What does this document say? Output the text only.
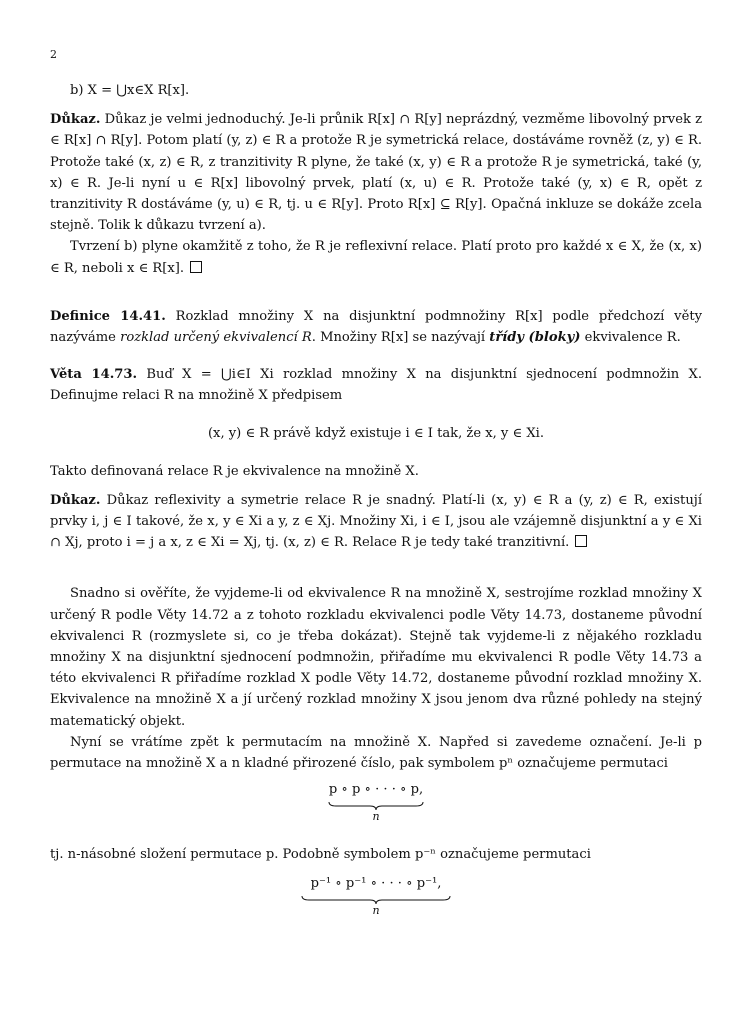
2

b) X = ⋃x∈X R[x].

Důkaz. Důkaz je velmi jednoduchý. Je-li průnik R[x] ∩ R[y] neprázdný, vezměme libovolný prvek z ∈ R[x] ∩ R[y]. Potom platí (y, z) ∈ R a protože R je symetrická relace, dostáváme rovněž (z, y) ∈ R. Protože také (x, z) ∈ R, z tranzitivity R plyne, že také (x, y) ∈ R a protože R je symetrická, také (y, x) ∈ R. Je-li nyní u ∈ R[x] libovolný prvek, platí (x, u) ∈ R. Protože také (y, x) ∈ R, opět z tranzitivity R dostáváme (y, u) ∈ R, tj. u ∈ R[y]. Proto R[x] ⊆ R[y]. Opačná inkluze se dokáže zcela stejně. Tolik k důkazu tvrzení a).

Tvrzení b) plyne okamžitě z toho, že R je reflexivní relace. Platí proto pro každé x ∈ X, že (x, x) ∈ R, neboli x ∈ R[x].

Definice 14.41. Rozklad množiny X na disjunktní podmnožiny R[x] podle předchozí věty nazýváme rozklad určený ekvivalencí R. Množiny R[x] se nazývají třídy (bloky) ekvivalence R.

Věta 14.73. Buď X = ⋃i∈I Xi rozklad množiny X na disjunktní sjednocení podmnožin X. Definujme relaci R na množině X předpisem

(x, y) ∈ R právě když existuje i ∈ I tak, že x, y ∈ Xi.

Takto definovaná relace R je ekvivalence na množině X.

Důkaz. Důkaz reflexivity a symetrie relace R je snadný. Platí-li (x, y) ∈ R a (y, z) ∈ R, existují prvky i, j ∈ I takové, že x, y ∈ Xi a y, z ∈ Xj. Množiny Xi, i ∈ I, jsou ale vzájemně disjunktní a y ∈ Xi ∩ Xj, proto i = j a x, z ∈ Xi = Xj, tj. (x, z) ∈ R. Relace R je tedy také tranzitivní.

Snadno si ověříte, že vyjdeme-li od ekvivalence R na množině X, sestrojíme rozklad množiny X určený R podle Věty 14.72 a z tohoto rozkladu ekvivalenci podle Věty 14.73, dostaneme původní ekvivalenci R (rozmyslete si, co je třeba dokázat). Stejně tak vyjdeme-li z nějakého rozkladu množiny X na disjunktní sjednocení podmnožin, přiřadíme mu ekvivalenci R podle Věty 14.73 a této ekvivalenci R přiřadíme rozklad X podle Věty 14.72, dostaneme původní rozklad množiny X. Ekvivalence na množině X a jí určený rozklad množiny X jsou jenom dva různé pohledy na stejný matematický objekt.

Nyní se vrátíme zpět k permutacím na množině X. Napřed si zavedeme označení. Je-li p permutace na množině X a n kladné přirozené číslo, pak symbolem pⁿ označujeme permutaci

p ∘ p ∘ · · · ∘ p,
n

tj. n-násobné složení permutace p. Podobně symbolem p⁻ⁿ označujeme permutaci

p⁻¹ ∘ p⁻¹ ∘ · · · ∘ p⁻¹,
n
